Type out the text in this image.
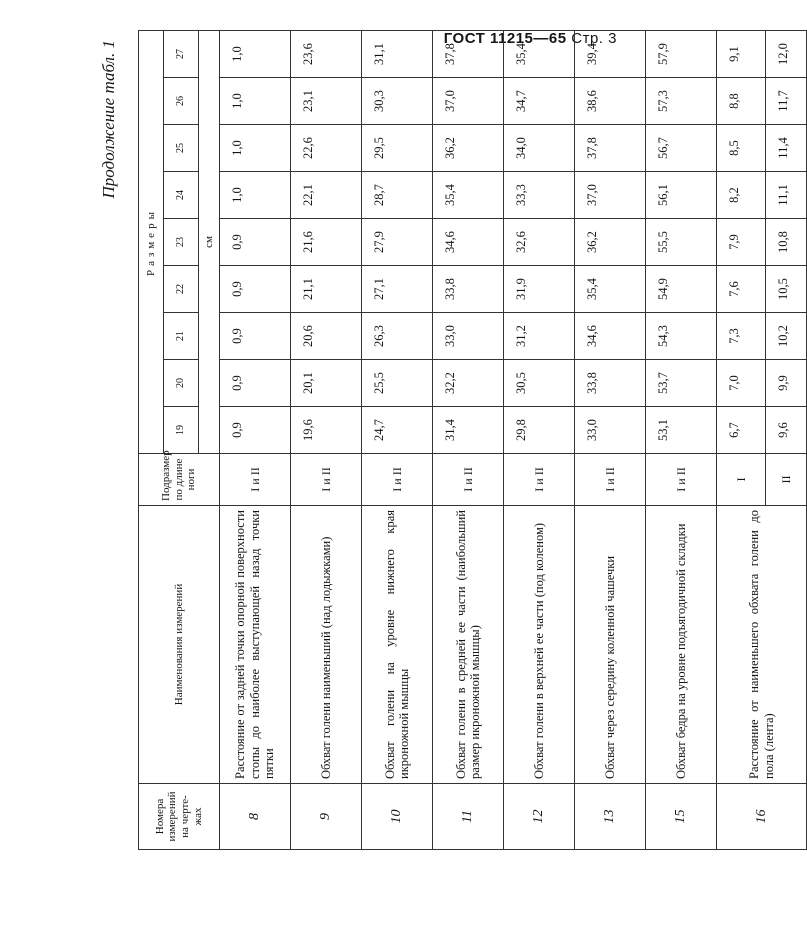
ГОСТ 11215—65 Стр. 3
Продолжение табл. 1
Номера измерений на черте-жах	Наименования измерений	Подразмер по длине ноги	Размеры								
			19	20	21	22	23	24	25	26	27
			см								
8	Расстояние от задней точки опорной поверхности стопы до наиболее выступающей назад точки пятки	I и II	0,9	0,9	0,9	0,9	0,9	1,0	1,0	1,0	1,0
9	Обхват голени наименьший (над лодыжками)	I и II	19,6	20,1	20,6	21,1	21,6	22,1	22,6	23,1	23,6
10	Обхват голени на уровне нижнего края икроножной мышцы	I и II	24,7	25,5	26,3	27,1	27,9	28,7	29,5	30,3	31,1
11	Обхват голени в средней ее части (наибольший размер икроножной мышцы)	I и II	31,4	32,2	33,0	33,8	34,6	35,4	36,2	37,0	37,8
12	Обхват голени в верхней ее части (под коленом)	I и II	29,8	30,5	31,2	31,9	32,6	33,3	34,0	34,7	35,4
13	Обхват через середину коленной чашечки	I и II	33,0	33,8	34,6	35,4	36,2	37,0	37,8	38,6	39,4
15	Обхват бедра на уровне подъягодичной складки	I и II	53,1	53,7	54,3	54,9	55,5	56,1	56,7	57,3	57,9
16	Расстояние от наименьшего обхвата голени до пола (лента)	I	6,7	7,0	7,3	7,6	7,9	8,2	8,5	8,8	9,1
		II	9,6	9,9	10,2	10,5	10,8	11,1	11,4	11,7	12,0
